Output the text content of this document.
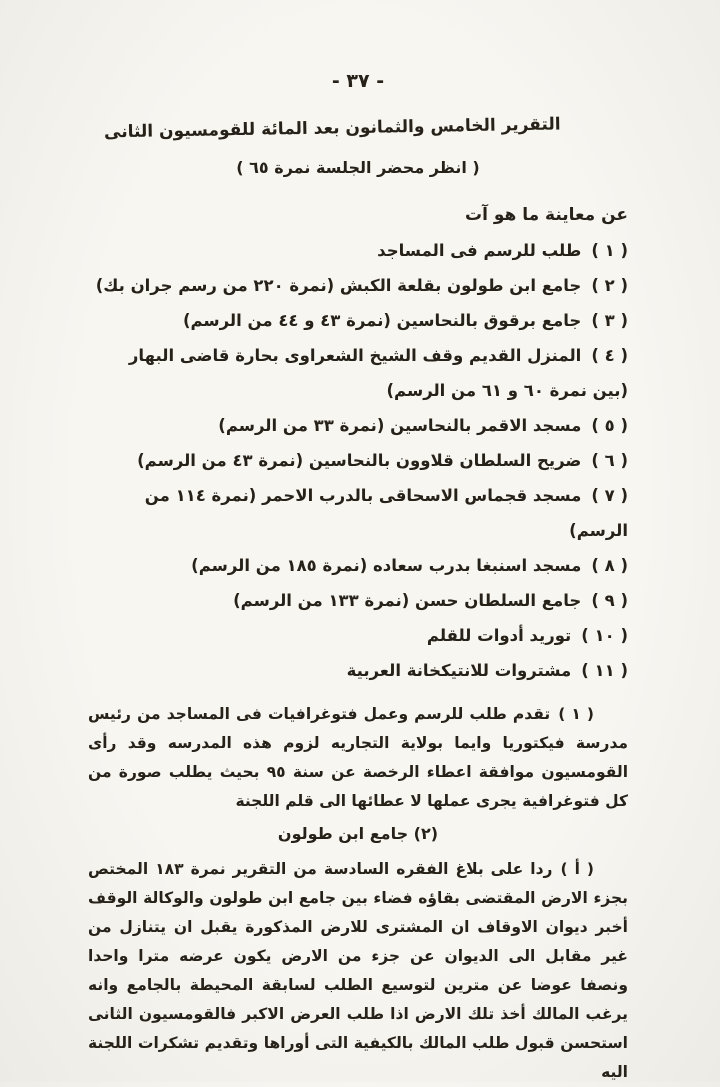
- ٣٧ -
التقرير الخامس والثمانون بعد المائة للقومسيون الثانى
( انظر محضر الجلسة نمرة ٦٥ )
عن معاينة ما هو آت
( ١ )طلب للرسم فى المساجد
( ٢ )جامع ابن طولون بقلعة الكبش (نمرة ٢٢٠ من رسم جران بك)
( ٣ )جامع برقوق بالنحاسين (نمرة ٤٣ و ٤٤ من الرسم)
( ٤ )المنزل القديم وقف الشيخ الشعراوى بحارة قاضى البهار (بين نمرة ٦٠ و ٦١ من الرسم)
( ٥ )مسجد الاقمر بالنحاسين (نمرة ٣٣ من الرسم)
( ٦ )ضريح السلطان قلاوون بالنحاسين (نمرة ٤٣ من الرسم)
( ٧ )مسجد قجماس الاسحاقى بالدرب الاحمر (نمرة ١١٤ من الرسم)
( ٨ )مسجد اسنبغا بدرب سعاده (نمرة ١٨٥ من الرسم)
( ٩ )جامع السلطان حسن (نمرة ١٣٣ من الرسم)
( ١٠ )توريد أدوات للقلم
( ١١ )مشتروات للانتيكخانة العربية

( ١ )تقدم طلب للرسم وعمل فتوغرافيات فى المساجد من رئيس مدرسة فيكتوريا وايما بولاية التجاريه لزوم هذه المدرسه وقد رأى القومسيون موافقة اعطاء الرخصة عن سنة ٩٥ بحيث يطلب صورة من كل فتوغرافية يجرى عملها لا عطائها الى قلم اللجنة

(٢) جامع ابن طولون

( أ )ردا على بلاغ الفقره السادسة من التقرير نمرة ١٨٣ المختص بجزء الارض المقتضى بقاؤه فضاء بين جامع ابن طولون والوكالة الوقف أخبر ديوان الاوقاف ان المشترى للارض المذكورة يقبل ان يتنازل من غير مقابل الى الديوان عن جزء من الارض يكون عرضه مترا واحدا ونصفا عوضا عن مترين لتوسيع الطلب لسابقة المحيطة بالجامع وانه يرغب المالك أخذ تلك الارض اذا طلب العرض الاكبر فالقومسيون الثانى استحسن قبول طلب المالك بالكيفية التى أوراها وتقديم تشكرات اللجنة اليه
